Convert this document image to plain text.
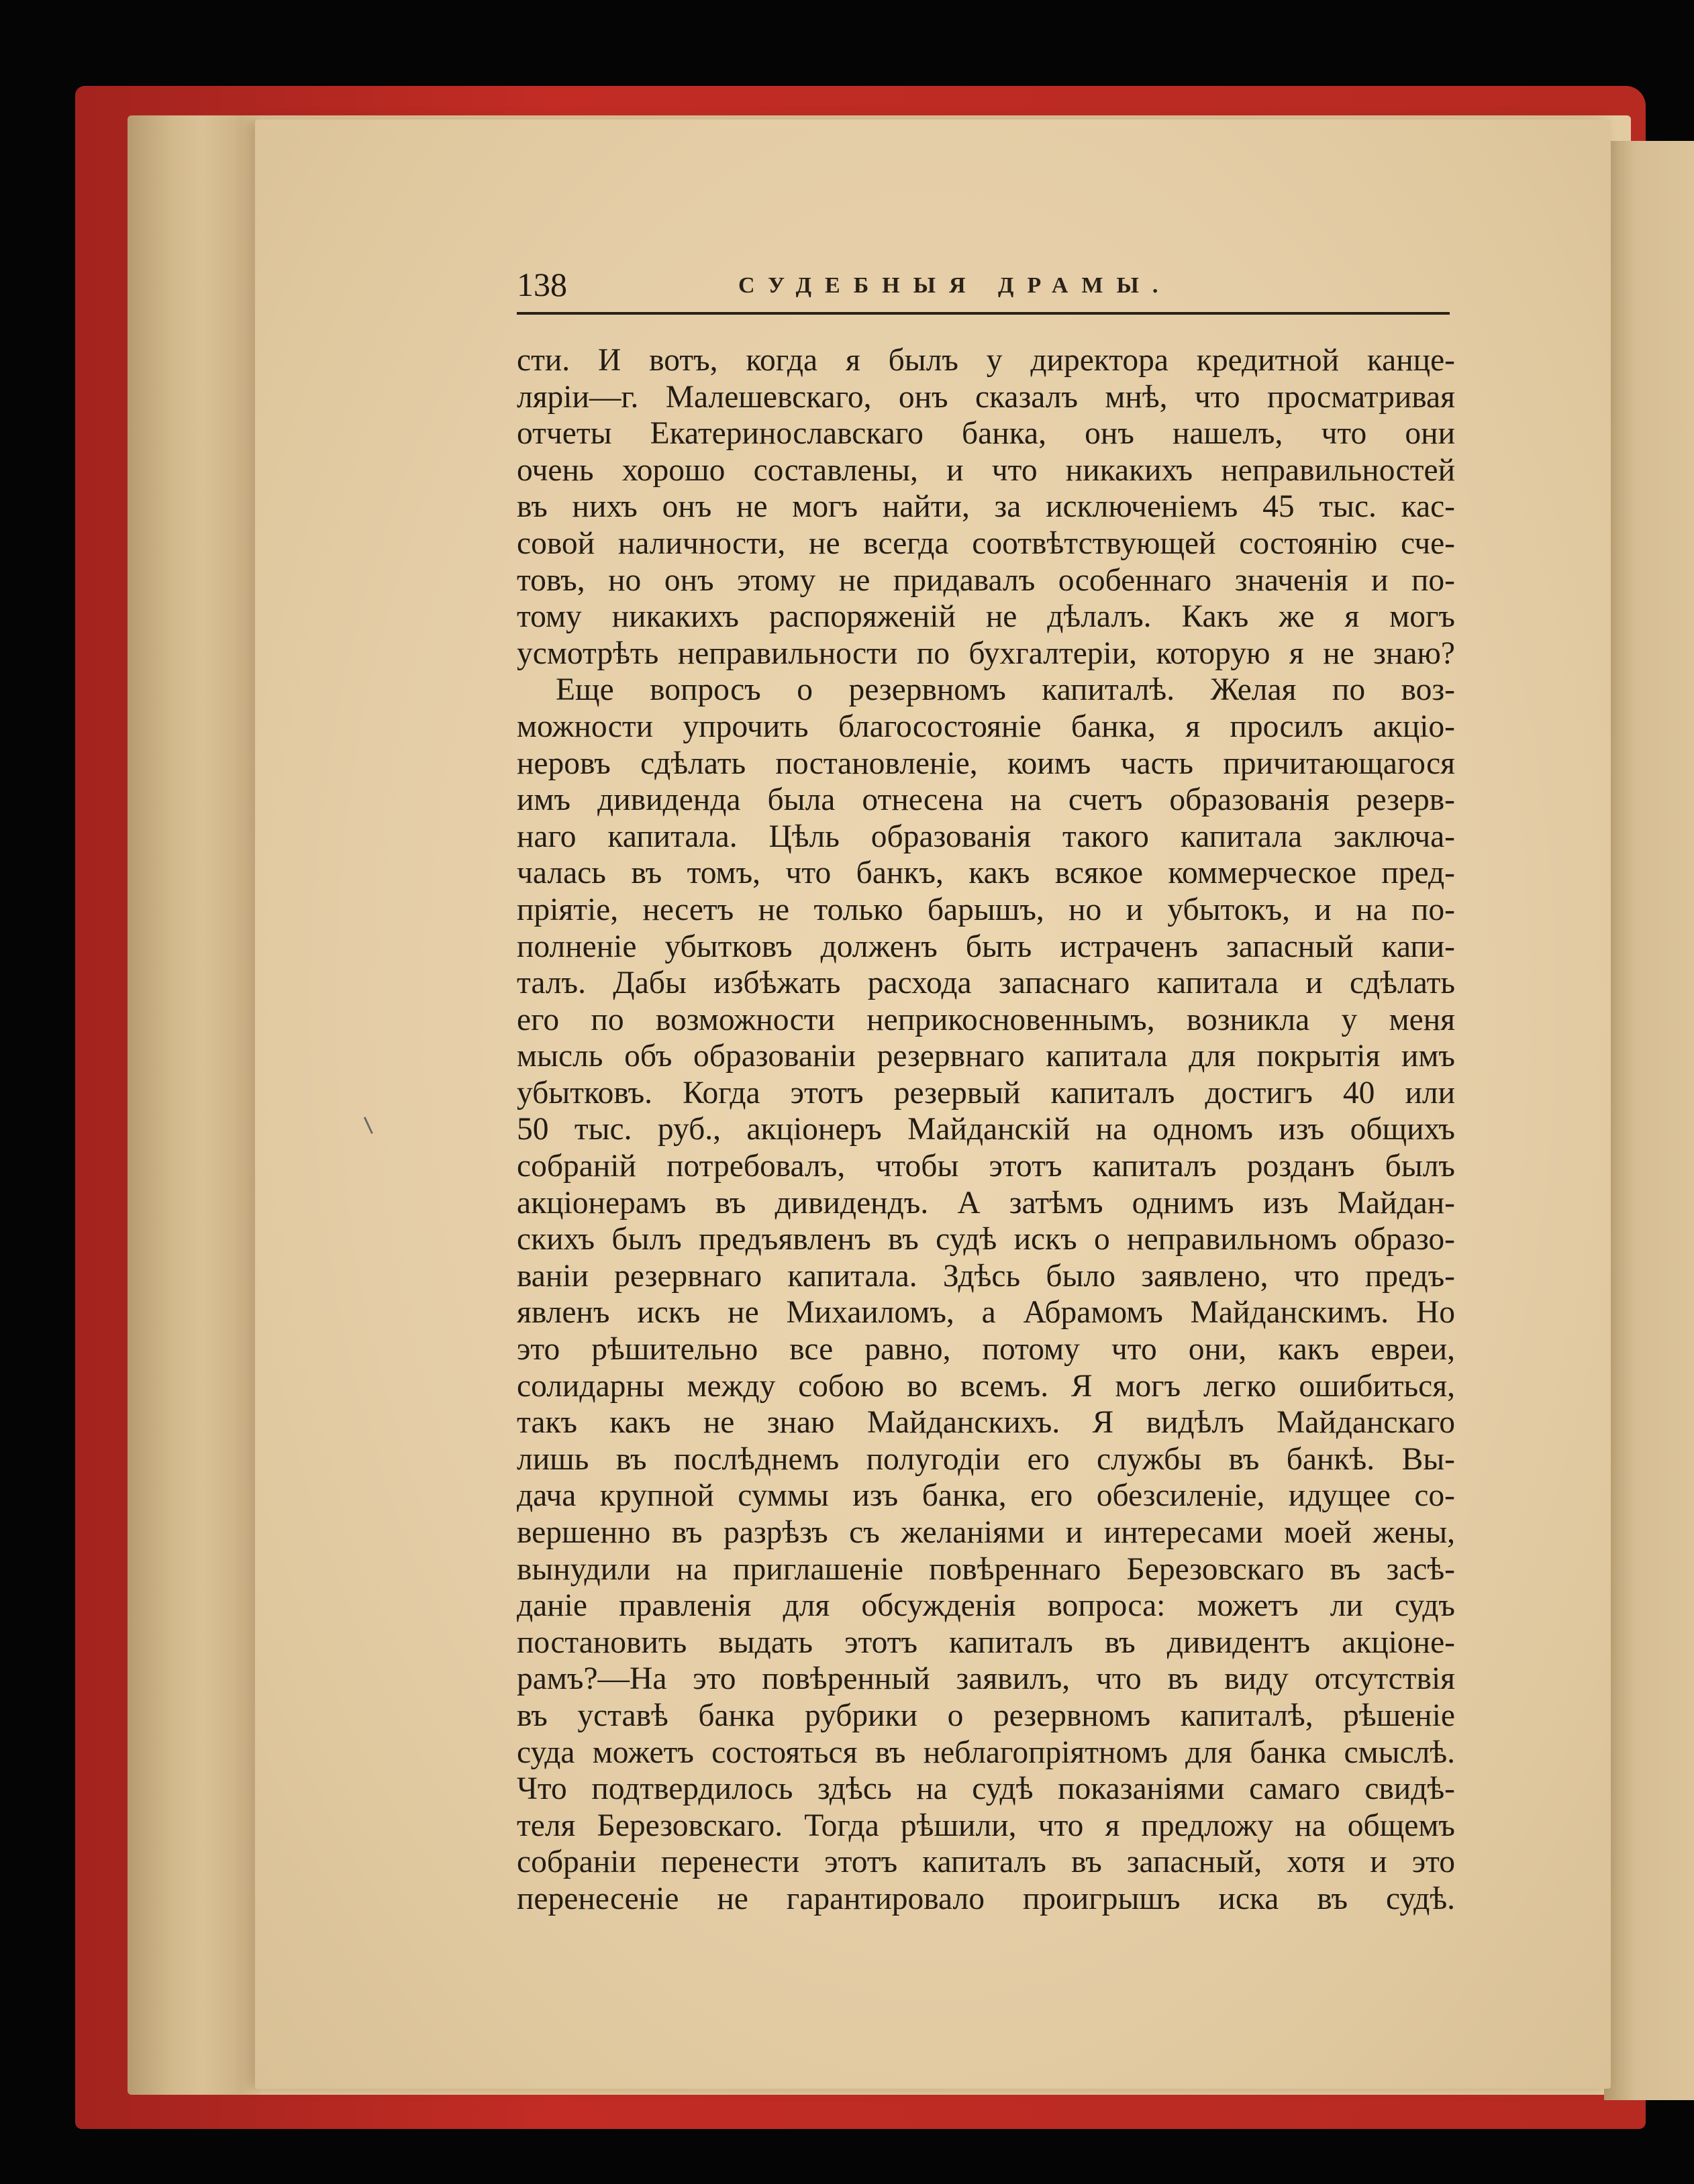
138	СУДЕБНЫЯ ДРАМЫ.
сти. И вотъ, когда я былъ у директора кредитной канце-
ляріи—г. Малешевскаго, онъ сказалъ мнѣ, что просматривая
отчеты Екатеринославскаго банка, онъ нашелъ, что они
очень хорошо составлены, и что никакихъ неправильностей
въ нихъ онъ не могъ найти, за исключеніемъ 45 тыс. кас-
совой наличности, не всегда соотвѣтствующей состоянію сче-
товъ, но онъ этому не придавалъ особеннаго значенія и по-
тому никакихъ распоряженій не дѣлалъ. Какъ же я могъ
усмотрѣть неправильности по бухгалтеріи, которую я не знаю?
Еще вопросъ о резервномъ капиталѣ. Желая по воз-
можности упрочить благосостояніе банка, я просилъ акціо-
неровъ сдѣлать постановленіе, коимъ часть причитающагося
имъ дивиденда была отнесена на счетъ образованія резерв-
наго капитала. Цѣль образованія такого капитала заключа-
чалась въ томъ, что банкъ, какъ всякое коммерческое пред-
пріятіе, несетъ не только барышъ, но и убытокъ, и на по-
полненіе убытковъ долженъ быть истраченъ запасный капи-
талъ. Дабы избѣжать расхода запаснаго капитала и сдѣлать
его по возможности неприкосновеннымъ, возникла у меня
мысль объ образованіи резервнаго капитала для покрытія имъ
убытковъ. Когда этотъ резервый капиталъ достигъ 40 или
50 тыс. руб., акціонеръ Майданскій на одномъ изъ общихъ
собраній потребовалъ, чтобы этотъ капиталъ розданъ былъ
акціонерамъ въ дивидендъ. А затѣмъ однимъ изъ Майдан-
скихъ былъ предъявленъ въ судѣ искъ о неправильномъ образо-
ваніи резервнаго капитала. Здѣсь было заявлено, что предъ-
явленъ искъ не Михаиломъ, а Абрамомъ Майданскимъ. Но
это рѣшительно все равно, потому что они, какъ евреи,
солидарны между собою во всемъ. Я могъ легко ошибиться,
такъ какъ не знаю Майданскихъ. Я видѣлъ Майданскаго
лишь въ послѣднемъ полугодіи его службы въ банкѣ. Вы-
дача крупной суммы изъ банка, его обезсиленіе, идущее со-
вершенно въ разрѣзъ съ желаніями и интересами моей жены,
вынудили на приглашеніе повѣреннаго Березовскаго въ засѣ-
даніе правленія для обсужденія вопроса: можетъ ли судъ
постановить выдать этотъ капиталъ въ дивидентъ акціоне-
рамъ?—На это повѣренный заявилъ, что въ виду отсутствія
въ уставѣ банка рубрики о резервномъ капиталѣ, рѣшеніе
суда можетъ состояться въ неблагопріятномъ для банка смыслѣ.
Что подтвердилось здѣсь на судѣ показаніями самаго свидѣ-
теля Березовскаго. Тогда рѣшили, что я предложу на общемъ
собраніи перенести этотъ капиталъ въ запасный, хотя и это
перенесеніе не гарантировало проигрышъ иска въ судѣ.
⸜
